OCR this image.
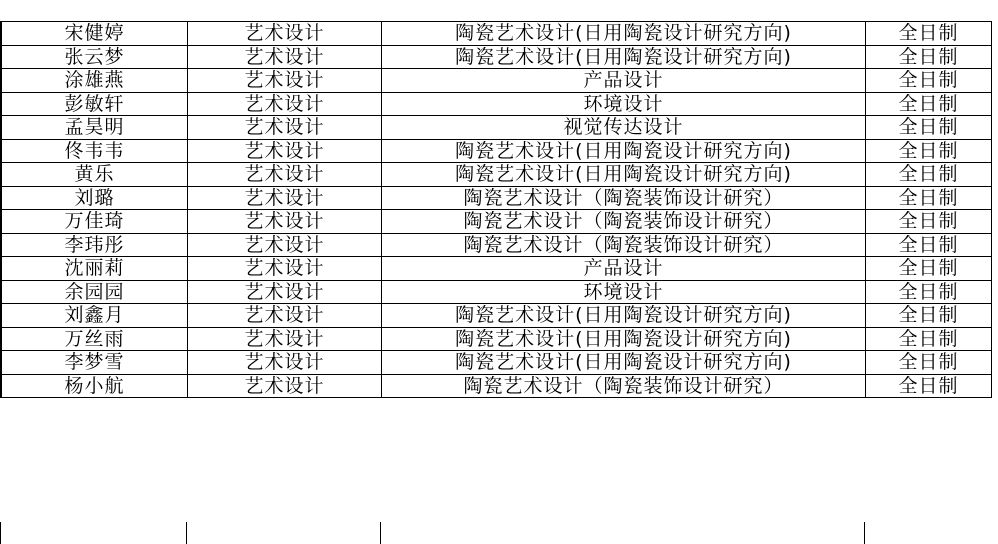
	宋健婷	艺术设计	陶瓷艺术设计(日用陶瓷设计研究方向)	全日制
	张云梦	艺术设计	陶瓷艺术设计(日用陶瓷设计研究方向)	全日制
	涂雄燕	艺术设计	产品设计	全日制
	彭敏轩	艺术设计	环境设计	全日制
	孟昊明	艺术设计	视觉传达设计	全日制
	佟韦韦	艺术设计	陶瓷艺术设计(日用陶瓷设计研究方向)	全日制
	黄乐	艺术设计	陶瓷艺术设计(日用陶瓷设计研究方向)	全日制
	刘璐	艺术设计	陶瓷艺术设计（陶瓷装饰设计研究）	全日制
	万佳琦	艺术设计	陶瓷艺术设计（陶瓷装饰设计研究）	全日制
	李玮彤	艺术设计	陶瓷艺术设计（陶瓷装饰设计研究）	全日制
	沈丽莉	艺术设计	产品设计	全日制
	余园园	艺术设计	环境设计	全日制
	刘鑫月	艺术设计	陶瓷艺术设计(日用陶瓷设计研究方向)	全日制
	万丝雨	艺术设计	陶瓷艺术设计(日用陶瓷设计研究方向)	全日制
	李梦雪	艺术设计	陶瓷艺术设计(日用陶瓷设计研究方向)	全日制
	杨小航	艺术设计	陶瓷艺术设计（陶瓷装饰设计研究）	全日制
